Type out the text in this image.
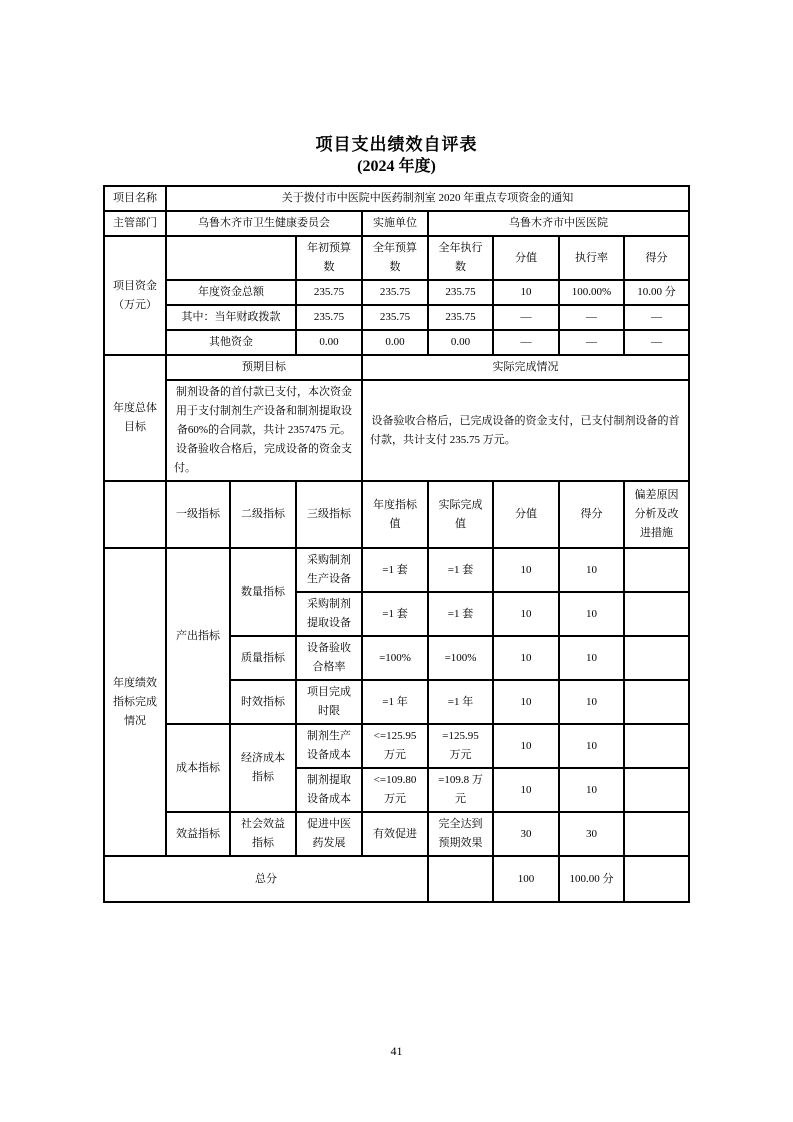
项目支出绩效自评表
(2024 年度)
项目名称	关于拨付市中医院中医药制剂室 2020 年重点专项资金的通知							
主管部门	乌鲁木齐市卫生健康委员会			实施单位	乌鲁木齐市中医医院			
项目资金（万元）			年初预算数	全年预算数	全年执行数	分值	执行率	得分
	年度资金总额		235.75	235.75	235.75	10	100.00%	10.00 分
	其中：当年财政拨款		235.75	235.75	235.75	—	—	—
	其他资金		0.00	0.00	0.00	—	—	—
年度总体目标	预期目标			实际完成情况				
	制剂设备的首付款已支付，本次资金用于支付制剂生产设备和制剂提取设备60%的合同款，共计 2357475 元。设备验收合格后，完成设备的资金支付。			设备验收合格后，已完成设备的资金支付，已支付制剂设备的首付款，共计支付 235.75 万元。				
	一级指标	二级指标	三级指标	年度指标值	实际完成值	分值	得分	偏差原因分析及改进措施
年度绩效指标完成情况	产出指标	数量指标	采购制剂生产设备	=1 套	=1 套	10	10	
			采购制剂提取设备	=1 套	=1 套	10	10	
		质量指标	设备验收合格率	=100%	=100%	10	10	
		时效指标	项目完成时限	=1 年	=1 年	10	10	
	成本指标	经济成本指标	制剂生产设备成本	<=125.95 万元	=125.95 万元	10	10	
			制剂提取设备成本	<=109.80 万元	=109.8 万元	10	10	
	效益指标	社会效益指标	促进中医药发展	有效促进	完全达到预期效果	30	30	
总分						100	100.00 分	
41
